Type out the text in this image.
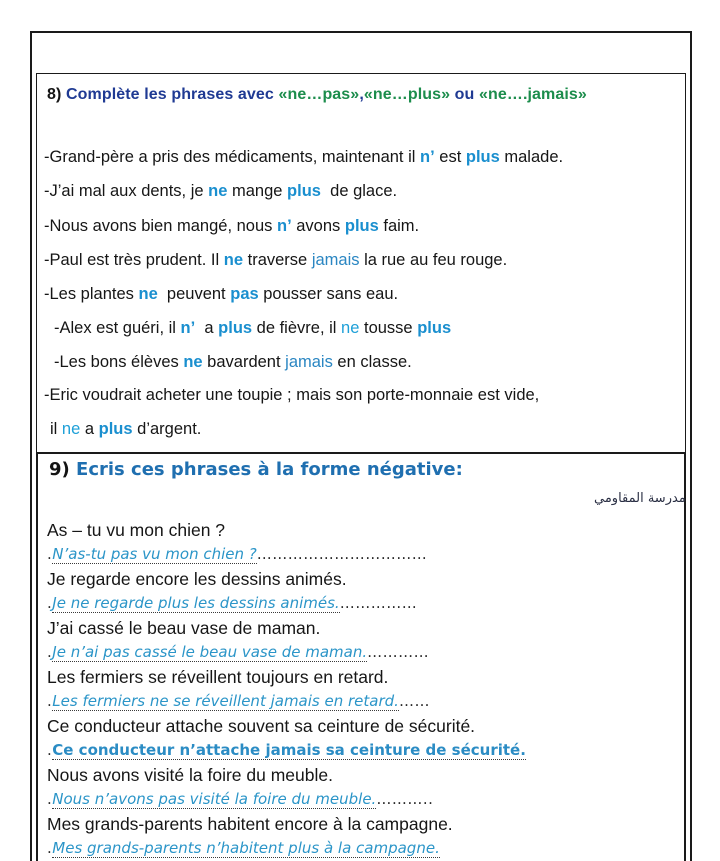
8) Complète les phrases avec «ne…pas»,«ne…plus» ou «ne….jamais»
-Grand-père a pris des médicaments, maintenant il n’ est plus malade.
-J’ai mal aux dents, je ne mange plus  de glace.
-Nous avons bien mangé, nous n’ avons plus faim.
-Paul est très prudent. Il ne traverse jamais la rue au feu rouge.
-Les plantes ne  peuvent pas pousser sans eau.
-Alex est guéri, il n’  a plus de fièvre, il ne tousse plus
-Les bons élèves ne bavardent jamais en classe.
-Eric voudrait acheter une toupie ; mais son porte-monnaie est vide,
il ne a plus d’argent.
9) Ecris ces phrases à la forme négative:
مدرسة المقاومي
As – tu vu mon chien ?
.N’as-tu pas vu mon chien ?……………………………
Je regarde encore les dessins animés.
.Je ne regarde plus les dessins animés.……………
J’ai cassé le beau vase de maman.
.Je n’ai pas cassé le beau vase de maman.…………
Les fermiers se réveillent toujours en retard.
.Les fermiers ne se réveillent jamais en retard.……
Ce conducteur attache souvent sa ceinture de sécurité.
.Ce conducteur n’attache jamais sa ceinture de sécurité.
Nous avons visité la foire du meuble.
.Nous n’avons pas visité la foire du meuble.………..
Mes grands-parents habitent encore à la campagne.
.Mes grands-parents n’habitent plus à la campagne.
